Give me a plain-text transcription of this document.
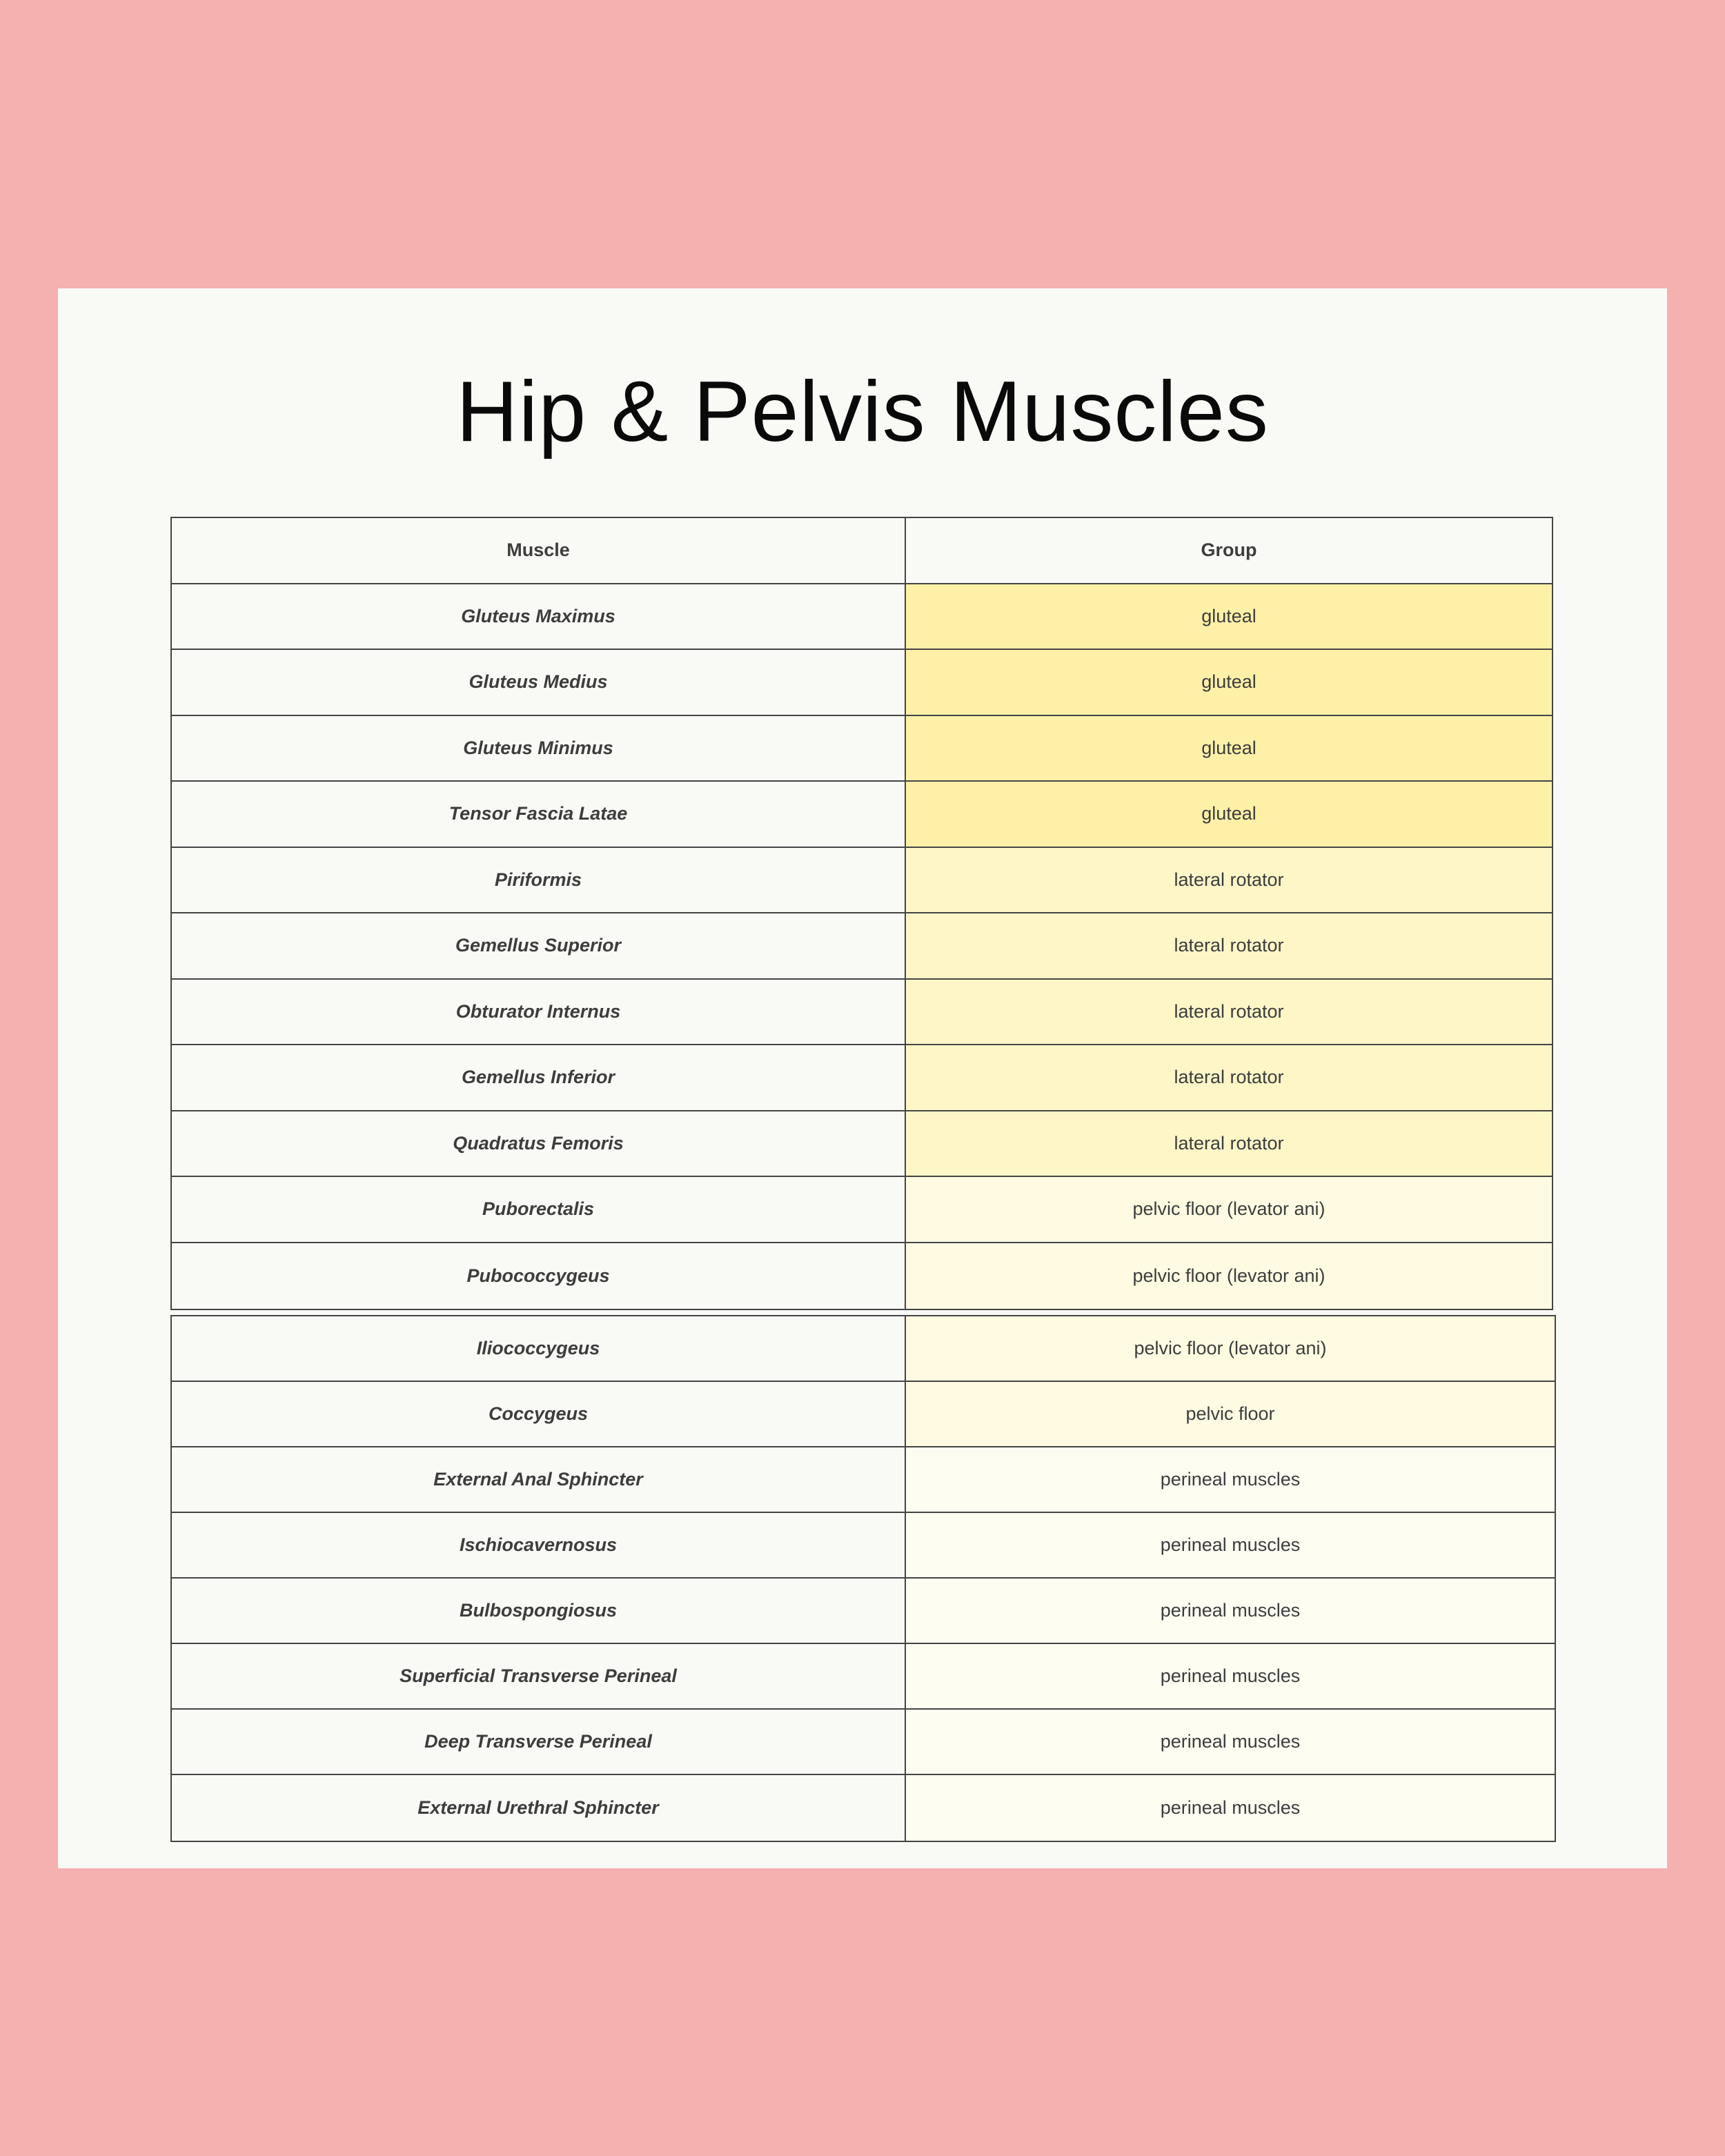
Hip & Pelvis Muscles
Muscle	Group
Gluteus Maximus	gluteal
Gluteus Medius	gluteal
Gluteus Minimus	gluteal
Tensor Fascia Latae	gluteal
Piriformis	lateral rotator
Gemellus Superior	lateral rotator
Obturator Internus	lateral rotator
Gemellus Inferior	lateral rotator
Quadratus Femoris	lateral rotator
Puborectalis	pelvic floor (levator ani)
Pubococcygeus	pelvic floor (levator ani)
Iliococcygeus	pelvic floor (levator ani)
Coccygeus	pelvic floor
External Anal Sphincter	perineal muscles
Ischiocavernosus	perineal muscles
Bulbospongiosus	perineal muscles
Superficial Transverse Perineal	perineal muscles
Deep Transverse Perineal	perineal muscles
External Urethral Sphincter	perineal muscles
